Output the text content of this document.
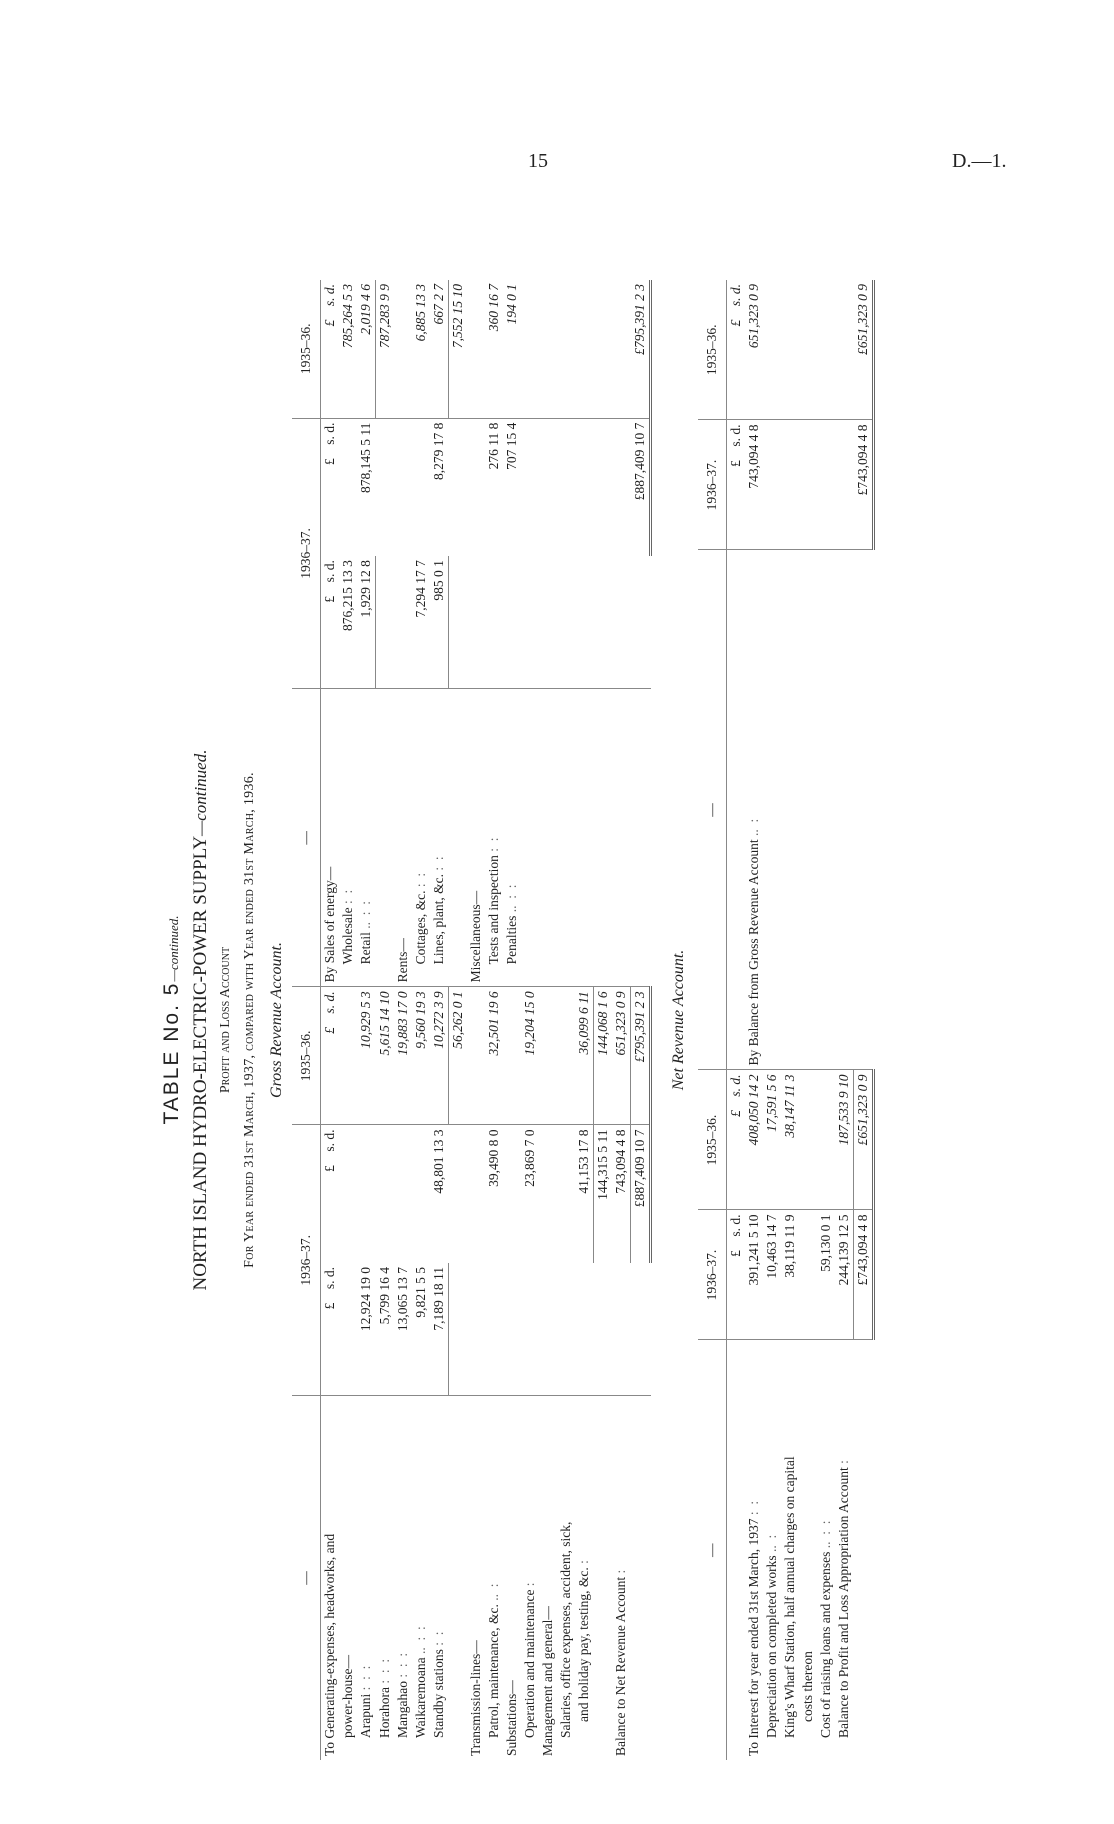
15	D.—1.
TABLE No. 5—continued. NORTH ISLAND HYDRO-ELECTRIC-POWER SUPPLY—continued.
Profit and Loss Account For Year ended 31st March, 1937, compared with Year ended 31st March, 1936. Gross Revenue Account.
—	1936–37.		1935–36.	—	1936–37.		1935–36.
To Generating-expenses, headworks, and	£    s. d.	£    s. d.	£    s. d.	By Sales of energy—	£    s. d.	£    s. d.	£    s. d.
power-house—				Wholesale :  :	876,215 13 3		785,264 5 3
Arapuni :  :  :	12,924 19 0		10,929 5 3	Retail ..  :  :	1,929 12 8	878,145 5 11	2,019 4 6
Horahora :  :  :	5,799 16 4		5,615 14 10				787,283 9 9
Mangahao :  :  :	13,065 13 7		19,883 17 0	Rents—			
Waikaremoana ..  :  :	9,821 5 5		9,560 19 3	Cottages, &c. :  :	7,294 17 7		6,885 13 3
Standby stations :  :	7,189 18 11	48,801 13 3	10,272 3 9	Lines, plant, &c. :  :	985 0 1	8,279 17 8	667 2 7
			56,262 0 1				7,552 15 10
Transmission-lines—				Miscellaneous—			
Patrol, maintenance, &c. ..  :		39,490 8 0	32,501 19 6	Tests and inspection :  :		276 11 8	360 16 7
Substations—				Penalties ..  :  :		707 15 4	194 0 1
Operation and maintenance :		23,869 7 0	19,204 15 0				
Management and general—							
Salaries, office expenses, accident, sick,							
and holiday pay, testing, &c. :		41,153 17 8	36,099 6 11				
		144,315 5 11	144,068 1 6				
Balance to Net Revenue Account :		743,094 4 8	651,323 0 9				
		£887,409 10 7	£795,391 2 3			£887,409 10 7	£795,391 2 3
Net Revenue Account.
—	1936–37.	1935–36.	—	1936–37.	1935–36.
	£    s. d.	£    s. d.		£    s. d.	£    s. d.
To Interest for year ended 31st March, 1937 :  :	391,241 5 10	408,050 14 2	By Balance from Gross Revenue Account ..  :	743,094 4 8	651,323 0 9
Depreciation on completed works ..  :	10,463 14 7	17,591 5 6			
King's Wharf Station, half annual charges on capital	38,119 11 9	38,147 11 3			
costs thereon					
Cost of raising loans and expenses ..  :  :	59,130 0 1				
Balance to Profit and Loss Appropriation Account :	244,139 12 5	187,533 9 10			
	£743,094 4 8	£651,323 0 9		£743,094 4 8	£651,323 0 9
